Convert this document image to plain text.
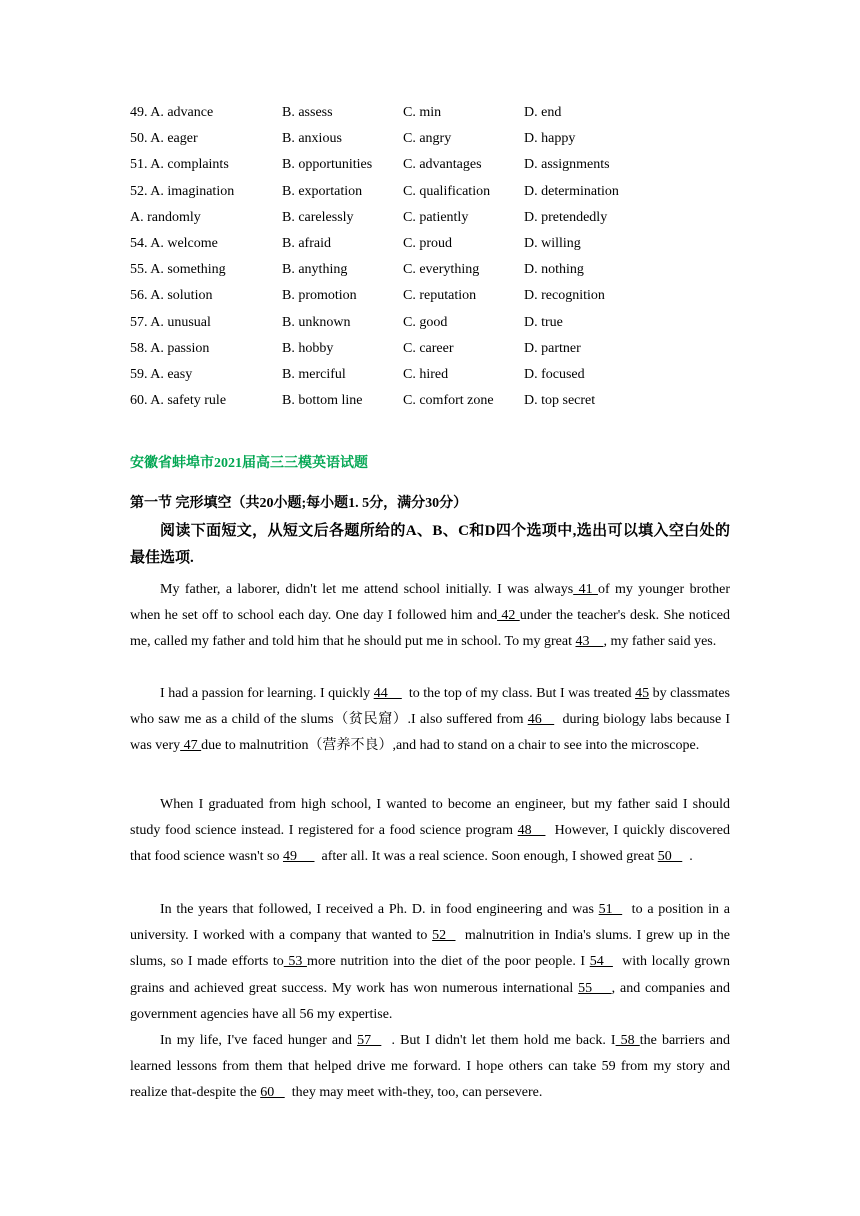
49. A. advance	B. assess	C. min	D. end
50. A. eager	B. anxious	C. angry	D. happy
51. A. complaints	B. opportunities C. advantages	D. assignments
52. A. imagination	B. exportation	C. qualification D. determination
A. randomly	B. carelessly	C. patiently	D. pretendedly
54. A. welcome	B. afraid	C. proud	D. willing
55. A. something	B. anything	C. everything	D. nothing
56. A. solution	B. promotion	C. reputation	D. recognition
57. A. unusual	B. unknown	C. good	D. true
58. A. passion	B. hobby	C. career	D. partner
59. A. easy	B. merciful	C. hired	D. focused
60. A. safety rule	B. bottom line	C. comfort zone D. top secret
安徽省蚌埠市2021届高三三模英语试题
第一节 完形填空（共20小题;每小题1. 5分，满分30分）
阅读下面短文，从短文后各题所给的A、B、C和D四个选项中,选出可以填入空白处的最佳选项.

My father, a laborer, didn't let me attend school initially. I was always 41 of my younger brother when he set off to school each day. One day I followed him and 42 under the teacher's desk. She noticed me, called my father and told him that he should put me in school. To my great 43    , my father said yes.

I had a passion for learning. I quickly 44      to the top of my class. But I was treated 45 by classmates who saw me as a child of the slums（贫民窟）.I also suffered from 46     during biology labs because I was very 47 due to malnutrition（营养不良）,and had to stand on a chair to see into the microscope.

When I graduated from high school, I wanted to become an engineer, but my father said I should study food science instead. I registered for a food science program 48     However, I quickly discovered that food science wasn't so 49       after all. It was a real science. Soon enough, I showed great 50     .

In the years that followed, I received a Ph. D. in food engineering and was 51    to a position in a university. I worked with a company that wanted to 52    malnutrition in India's slums. I grew up in the slums, so I made efforts to 53 more nutrition into the diet of the poor people. I 54    with locally grown grains and achieved great success. My work has won numerous international 55    , and companies and government agencies have all 56 my expertise.

In my life, I've faced hunger and 57    . But I didn't let them hold me back. I 58 the barriers and learned lessons from them that helped drive me forward. I hope others can take 59 from my story and realize that-despite the 60     they may meet with-they, too, can persevere.
